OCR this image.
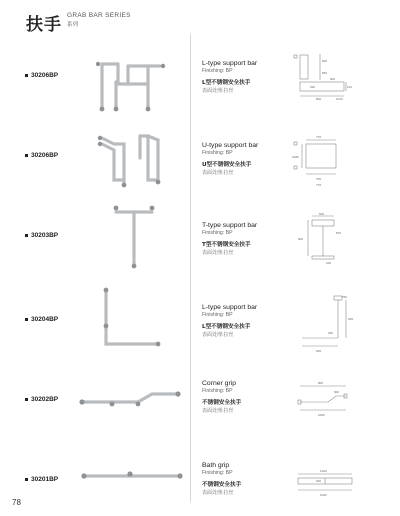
扶手 GRAB BAR SERIES
系列
30206BP
L-type support bar
Finishing: BP
L型不锈钢安全扶手
表面处理:拉丝
600
650
900
620
800	1010
110
30206BP
U-type support bar
Finishing: BP
U型不锈钢安全扶手
表面处理:拉丝
770
1080
750
770
30203BP
T-type support bar
Finishing: BP
T型不锈钢安全扶手
表面处理:拉丝
600
870
900
100
30204BP
L-type support bar
Finishing: BP
L型不锈钢安全扶手
表面处理:拉丝
750
600
300
600
30202BP
Corner grip
Finishing: BP
不锈钢安全扶手
表面处理:拉丝
800
600
1000
30201BP
Bath grip
Finishing: BP
不锈钢安全扶手
表面处理:拉丝
1200
600
1000
78
